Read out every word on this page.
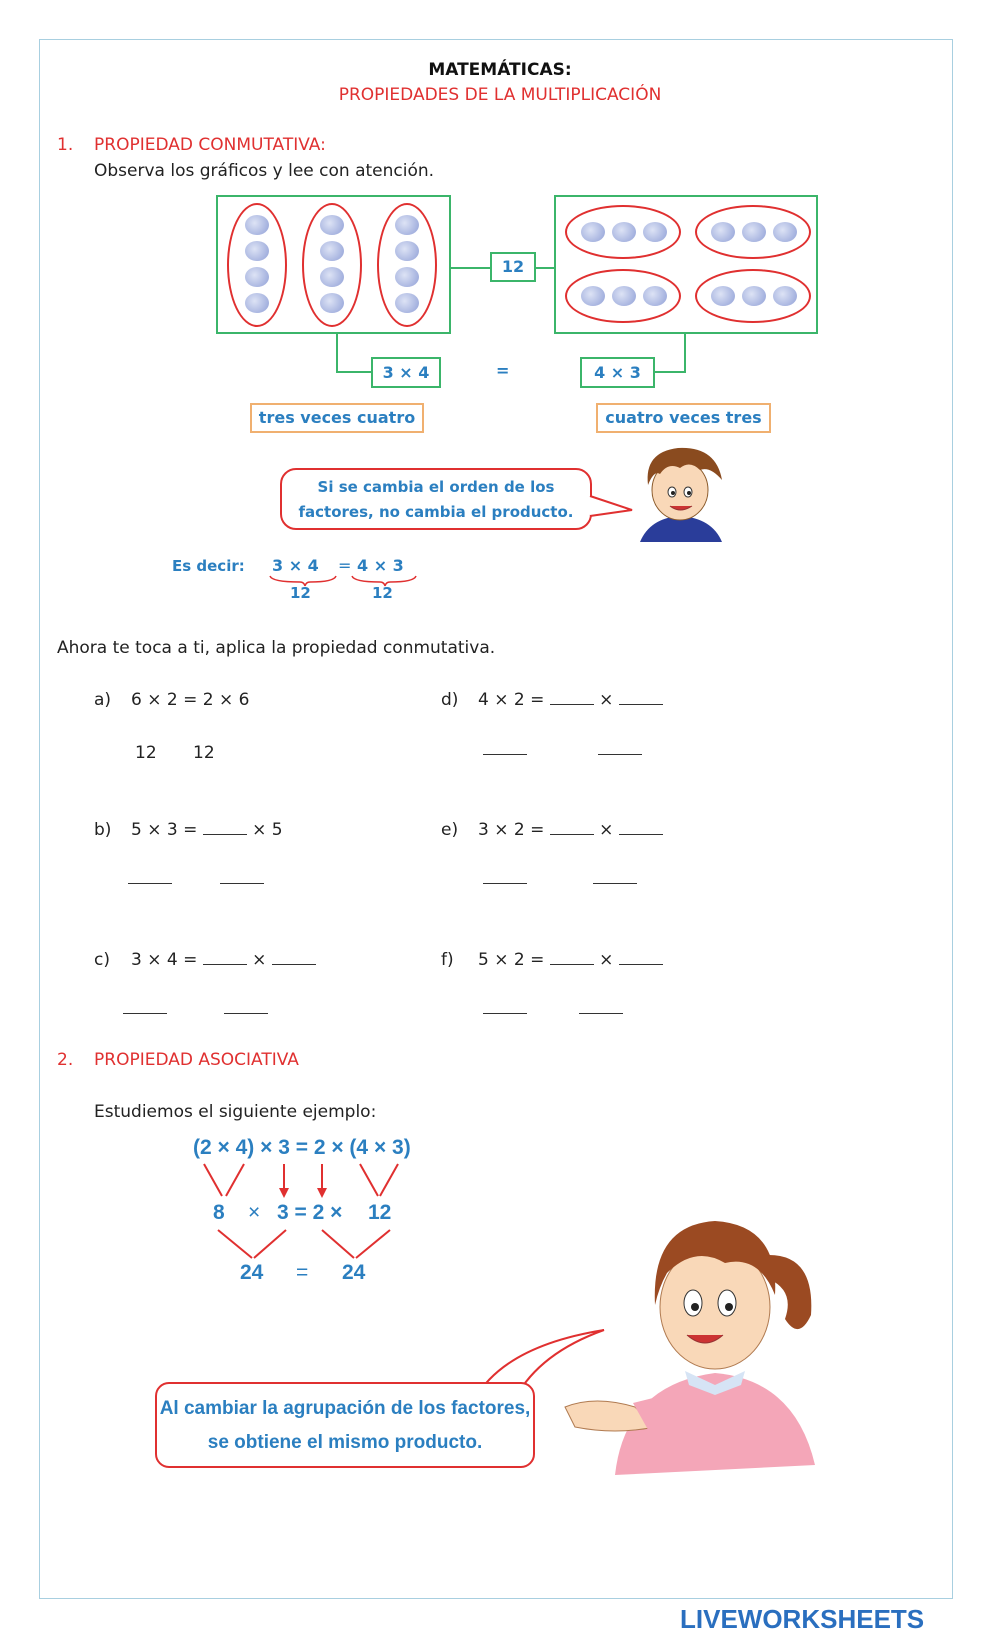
MATEMÁTICAS:
PROPIEDADES DE LA MULTIPLICACIÓN
1. PROPIEDAD CONMUTATIVA:
Observa los gráficos y lee con atención.
12
3 × 4	=	4 × 3
tres veces cuatro	cuatro veces tres
Si se cambia el orden de los
factores, no cambia el producto.
Es decir: 3 × 4 = 4 × 3
12	12
Ahora te toca a ti, aplica la propiedad conmutativa.
a) 6 × 2 = 2 × 6
12 12
b) 5 × 3 =	× 5
c) 3 × 4 =	×
d) 4 × 2 =	×
e) 3 × 2 =	×
f) 5 × 2 =	×
2. PROPIEDAD ASOCIATIVA
Estudiemos el siguiente ejemplo:
(2 × 4) × 3 = 2 × (4 × 3)
8 × 3 = 2 × 12
24 = 24
Al cambiar la agrupación de los factores,
se obtiene el mismo producto.
LIVEWORKSHEETS
